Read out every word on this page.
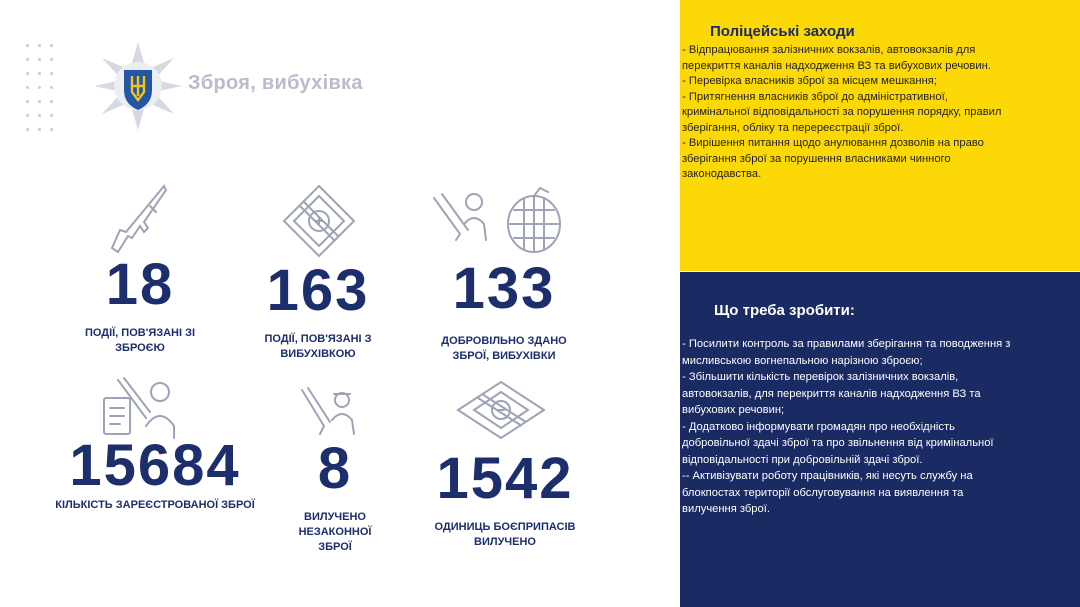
Зброя, вибухівка
18
ПОДІЇ, ПОВ'ЯЗАНІ ЗІ
ЗБРОЄЮ
163
ПОДІЇ, ПОВ'ЯЗАНІ З
ВИБУХІВКОЮ
133
ДОБРОВІЛЬНО ЗДАНО
ЗБРОЇ, ВИБУХІВКИ
15684
КІЛЬКІСТЬ ЗАРЕЄСТРОВАНОЇ ЗБРОЇ
8
ВИЛУЧЕНО
НЕЗАКОННОЇ
ЗБРОЇ
1542
ОДИНИЦЬ БОЄПРИПАСІВ
ВИЛУЧЕНО
Поліцейські заходи
- Відпрацювання залізничних вокзалів, автовокзалів для перекриття каналів надходження ВЗ та вибухових речовин.
- Перевірка власників зброї за місцем мешкання;
- Притягнення власників зброї до адміністративної, кримінальної відповідальності за порушення порядку, правил зберігання, обліку та перереєстрації зброї.
- Вирішення питання щодо анулювання дозволів на право зберігання зброї за порушення власниками чинного законодавства.
Що треба зробити:
- Посилити контроль за правилами зберігання та поводження з мисливською вогнепальною нарізною зброєю;
- Збільшити кількість перевірок залізничних вокзалів, автовокзалів, для перекриття каналів надходження ВЗ та вибухових речовин;
- Додатково інформувати громадян про необхідність добровільної здачі зброї та про звільнення від кримінальної відповідальності при добровільній здачі зброї.
-- Активізувати роботу працівників, які несуть службу на блокпостах території обслуговування на виявлення та вилучення зброї.
